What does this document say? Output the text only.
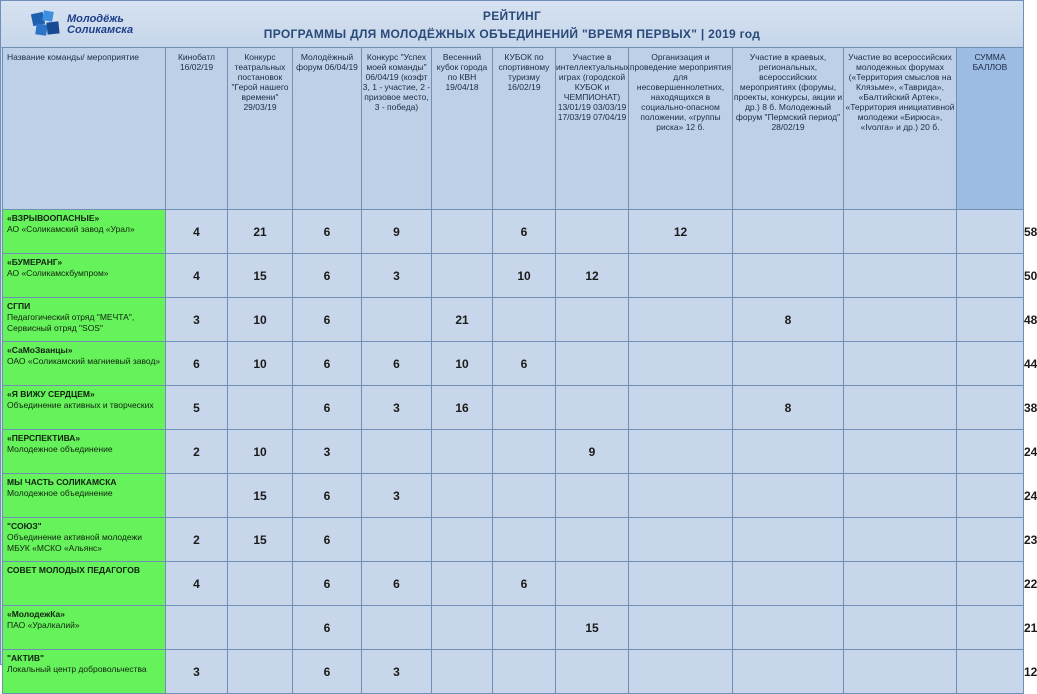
Молодёжь
Соликамска
РЕЙТИНГ
ПРОГРАММЫ ДЛЯ МОЛОДЁЖНЫХ ОБЪЕДИНЕНИЙ "ВРЕМЯ ПЕРВЫХ" | 2019 год
Название команды/ мероприятие	Кинобатл 16/02/19	Конкурс театральных постановок "Герой нашего времени" 29/03/19	Молодёжный форум 06/04/19	Конкурс "Успех моей команды" 06/04/19 (коэфт 3, 1 - участие, 2 - призовое место, 3 - победа)	Весенний кубок города по КВН 19/04/18	КУБОК по спортивному туризму 16/02/19	Участие в интеллектуальных играх (городской КУБОК и ЧЕМПИОНАТ) 13/01/19 03/03/19 17/03/19 07/04/19	Организация и проведение мероприятия для несовершеннолетних, находящихся в социально-опасном положении, «группы риска» 12 б.	Участие в краевых, региональных, всероссийских мероприятиях (форумы, проекты, конкурсы, акции и др.) 8 б. Молодежный форум "Пермский период" 28/02/19	Участие во всероссийских молодежных форумах («Территория смыслов на Клязьме», «Таврида», «Балтийский Артек», «Территория инициативной молодежи «Бирюса», «Ivолга» и др.) 20 б.	СУММА БАЛЛОВ	

«ВЗРЫВООПАСНЫЕ»
АО «Соликамский завод «Урал»	4	21	6	9		6		12				58

«БУМЕРАНГ»
АО «Соликамскбумпром»	4	15	6	3		10	12					50

СГПИ
Педагогический отряд "МЕЧТА", Сервисный отряд "SOS"	3	10	6		21				8			48

«СаМоЗванцы»
ОАО «Соликамский магниевый завод»	6	10	6	6	10	6						44

«Я ВИЖУ СЕРДЦЕМ»
Объединение активных и творческих	5		6	3	16				8			38

«ПЕРСПЕКТИВА»
Молодежное объединение	2	10	3				9					24

МЫ ЧАСТЬ СОЛИКАМСКА
Молодежное объединение		15	6	3								24

"СОЮЗ"
Объединение активной молодежи МБУК «МСКО «Альянс»	2	15	6									23

СОВЕТ МОЛОДЫХ ПЕДАГОГОВ	4		6	6		6						22

«МолодежКа»
ПАО «Уралкалий»			6				15					21

"АКТИВ"
Локальный центр добровольчества	3		6	3								12
